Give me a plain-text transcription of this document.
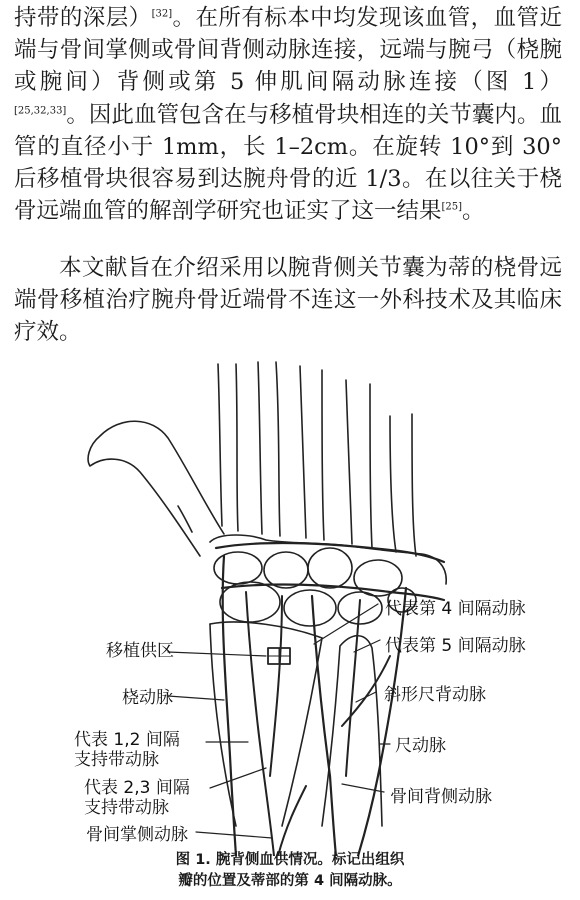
持带的深层）[32]。在所有标本中均发现该血管，血管近端与骨间掌侧或骨间背侧动脉连接，远端与腕弓（桡腕或腕间）背侧或第 5 伸肌间隔动脉连接（图 1）[25,32,33]。因此血管包含在与移植骨块相连的关节囊内。血管的直径小于 1mm，长 1–2cm。在旋转 10°到 30°后移植骨块很容易到达腕舟骨的近 1/3。在以往关于桡骨远端血管的解剖学研究也证实了这一结果[25]。

本文献旨在介绍采用以腕背侧关节囊为蒂的桡骨远端骨移植治疗腕舟骨近端骨不连这一外科技术及其临床疗效。

移植供区
桡动脉
代表 1,2 间隔
支持带动脉
代表 2,3 间隔
支持带动脉
骨间掌侧动脉
代表第 4 间隔动脉
代表第 5 间隔动脉
斜形尺背动脉
尺动脉
骨间背侧动脉
图 1. 腕背侧血供情况。标记出组织
瓣的位置及蒂部的第 4 间隔动脉。
